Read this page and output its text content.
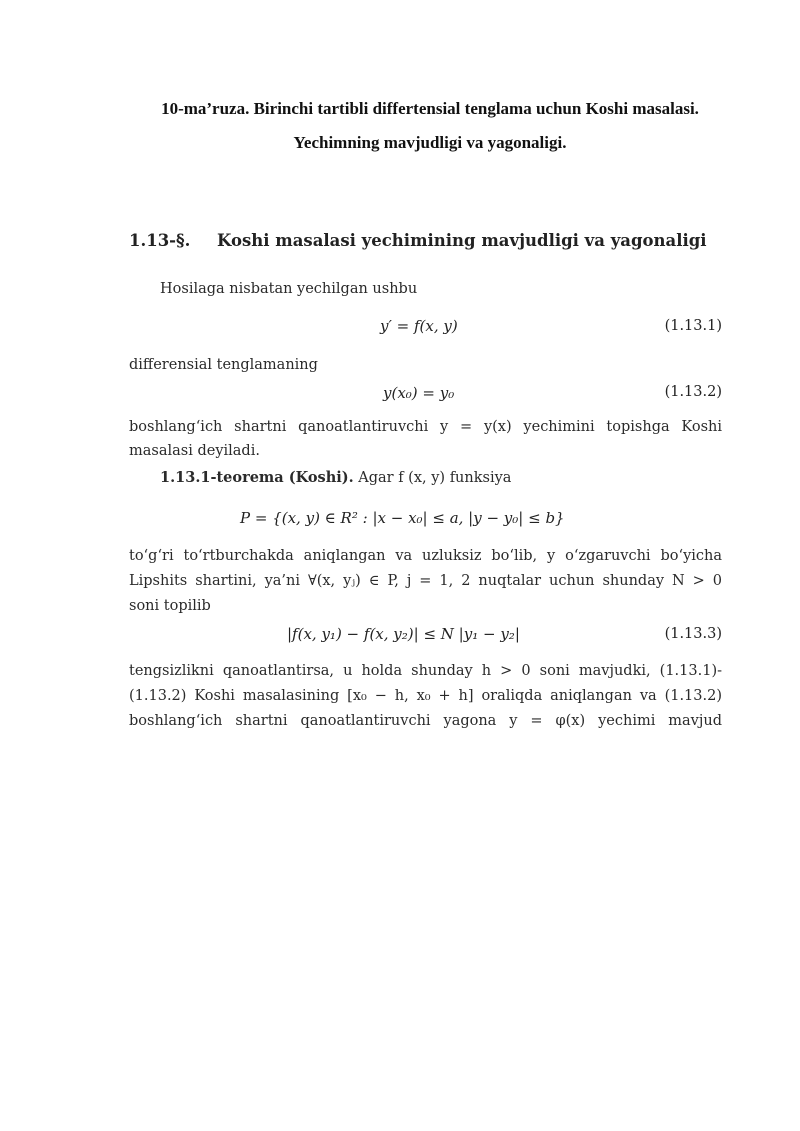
10-ma’ruza. Birinchi tartibli differtensial tenglama uchun Koshi masalasi.
Yechimning mavjudligi va yagonaligi.
1.13-§. Koshi masalasi yechimining mavjudligi va yagonaligi
Hosilaga nisbatan yechilgan ushbu
y′ = f(x, y)	(1.13.1)
differensial tenglamaning
y(x₀) = y₀	(1.13.2)
boshlang‘ich shartni qanoatlantiruvchi y = y(x) yechimini topishga Koshi
masalasi deyiladi.
1.13.1-teorema (Koshi). Agar f (x, y) funksiya
P = {(x, y) ∈ R² : |x − x₀| ≤ a, |y − y₀| ≤ b}
to‘g‘ri to‘rtburchakda aniqlangan va uzluksiz bo‘lib, y o‘zgaruvchi bo‘yicha
Lipshits shartini, ya’ni ∀(x, yⱼ) ∈ P, j = 1, 2 nuqtalar uchun shunday N > 0
soni topilib
|f(x, y₁) − f(x, y₂)| ≤ N |y₁ − y₂|	(1.13.3)
tengsizlikni qanoatlantirsa, u holda shunday h > 0 soni mavjudki, (1.13.1)-
(1.13.2) Koshi masalasining [x₀ − h, x₀ + h] oraliqda aniqlangan va (1.13.2)
boshlang‘ich shartni qanoatlantiruvchi yagona y = φ(x) yechimi mavjud
